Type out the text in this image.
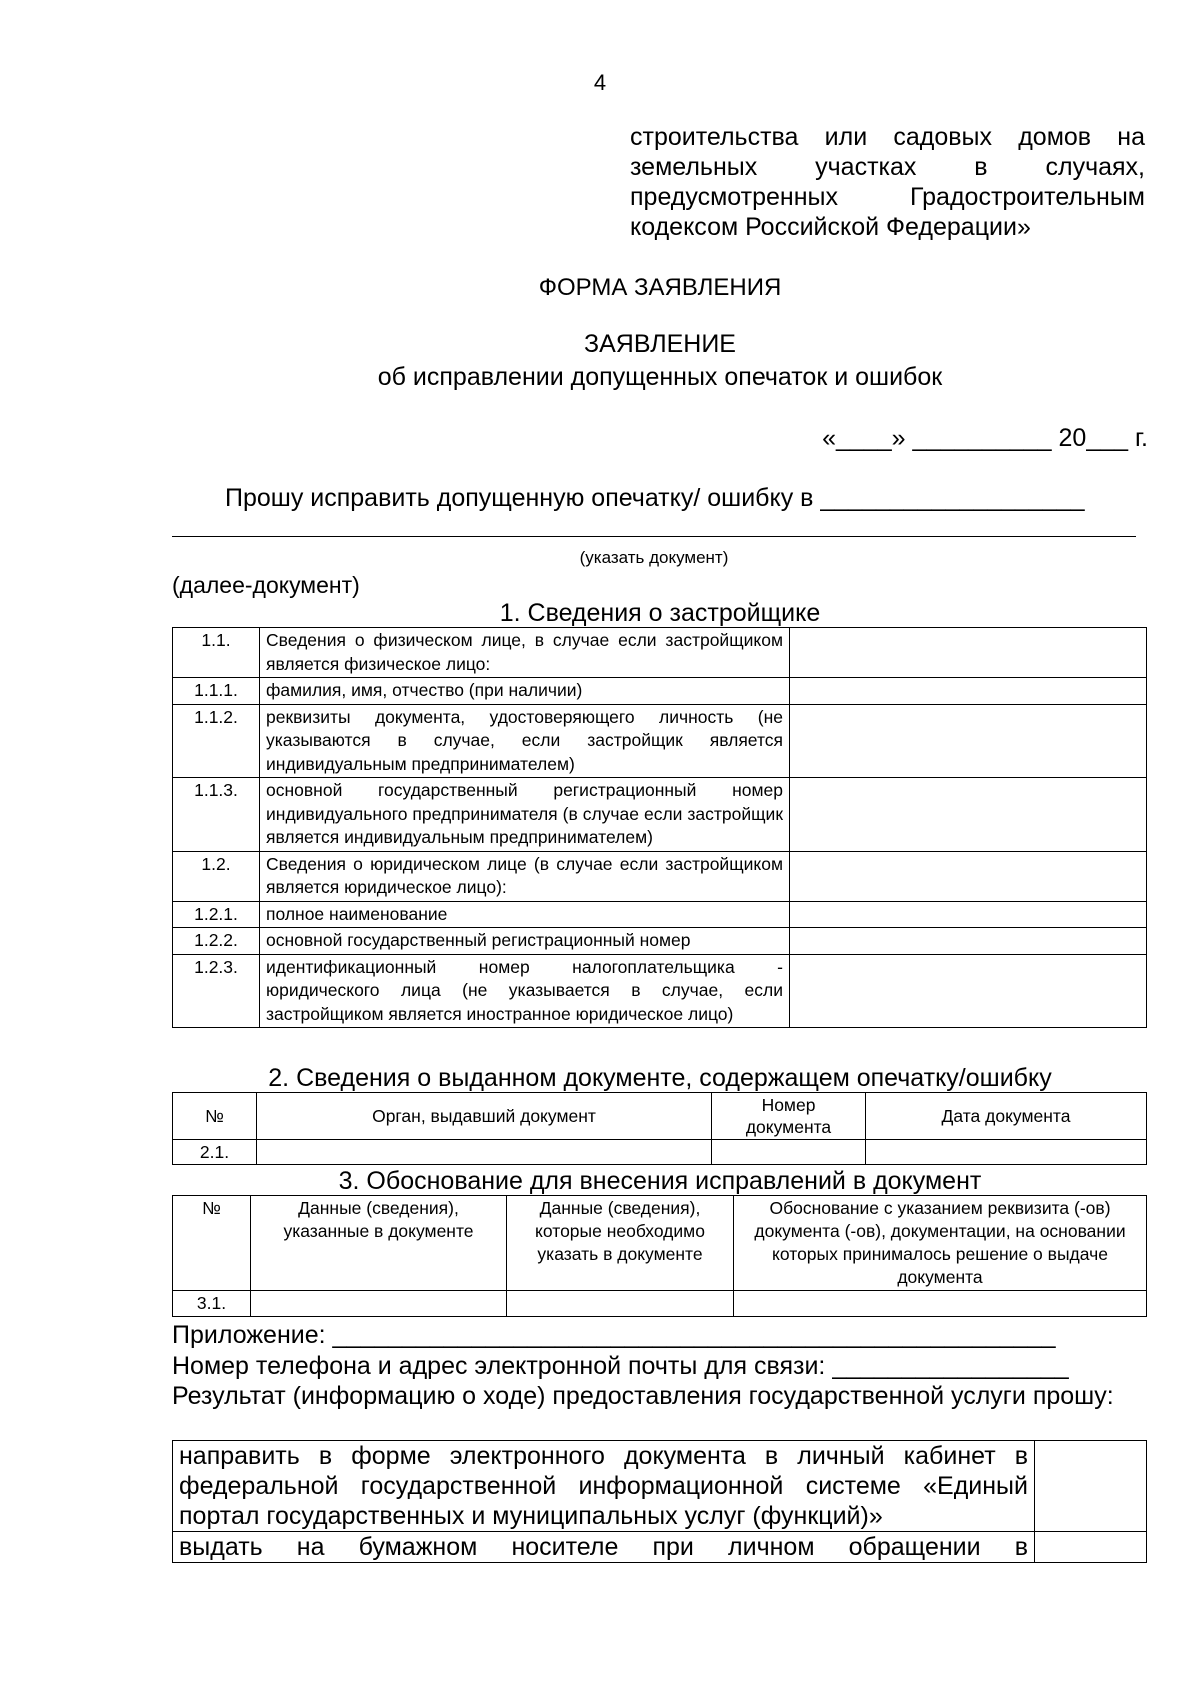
4
строительства или садовых домов на земельных участках в случаях, предусмотренных Градостроительным кодексом Российской Федерации»
ФОРМА ЗАЯВЛЕНИЯ
ЗАЯВЛЕНИЕ
об исправлении допущенных опечаток и ошибок
«____» __________ 20___ г.
Прошу исправить допущенную опечатку/ ошибку в ___________________
(указать документ)
(далее-документ)
1. Сведения о застройщике
1.1.	Сведения о физическом лице, в случае если застройщиком является физическое лицо:	
1.1.1.	фамилия, имя, отчество (при наличии)	
1.1.2.	реквизиты документа, удостоверяющего личность (не указываются в случае, если застройщик является индивидуальным предпринимателем)	
1.1.3.	основной государственный регистрационный номер индивидуального предпринимателя (в случае если застройщик является индивидуальным предпринимателем)	
1.2.	Сведения о юридическом лице (в случае если застройщиком является юридическое лицо):	
1.2.1.	полное наименование	
1.2.2.	основной государственный регистрационный номер	
1.2.3.	идентификационный номер налогоплательщика - юридического лица (не указывается в случае, если застройщиком является иностранное юридическое лицо)	
2. Сведения о выданном документе, содержащем опечатку/ошибку
№	Орган, выдавший документ	Номер документа	Дата документа
2.1.			
3. Обоснование для внесения исправлений в документ
№	Данные (сведения), указанные в документе	Данные (сведения), которые необходимо указать в документе	Обоснование с указанием реквизита (-ов) документа (-ов), документации, на основании которых принималось решение о выдаче документа
3.1.			
Приложение: ____________________________________________________
Номер телефона и адрес электронной почты для связи: _________________
Результат (информацию о ходе) предоставления государственной услуги прошу:
направить в форме электронного документа в личный кабинет в федеральной государственной информационной системе «Единый портал государственных и муниципальных услуг (функций)»	
выдать на бумажном носителе при личном обращении в	
